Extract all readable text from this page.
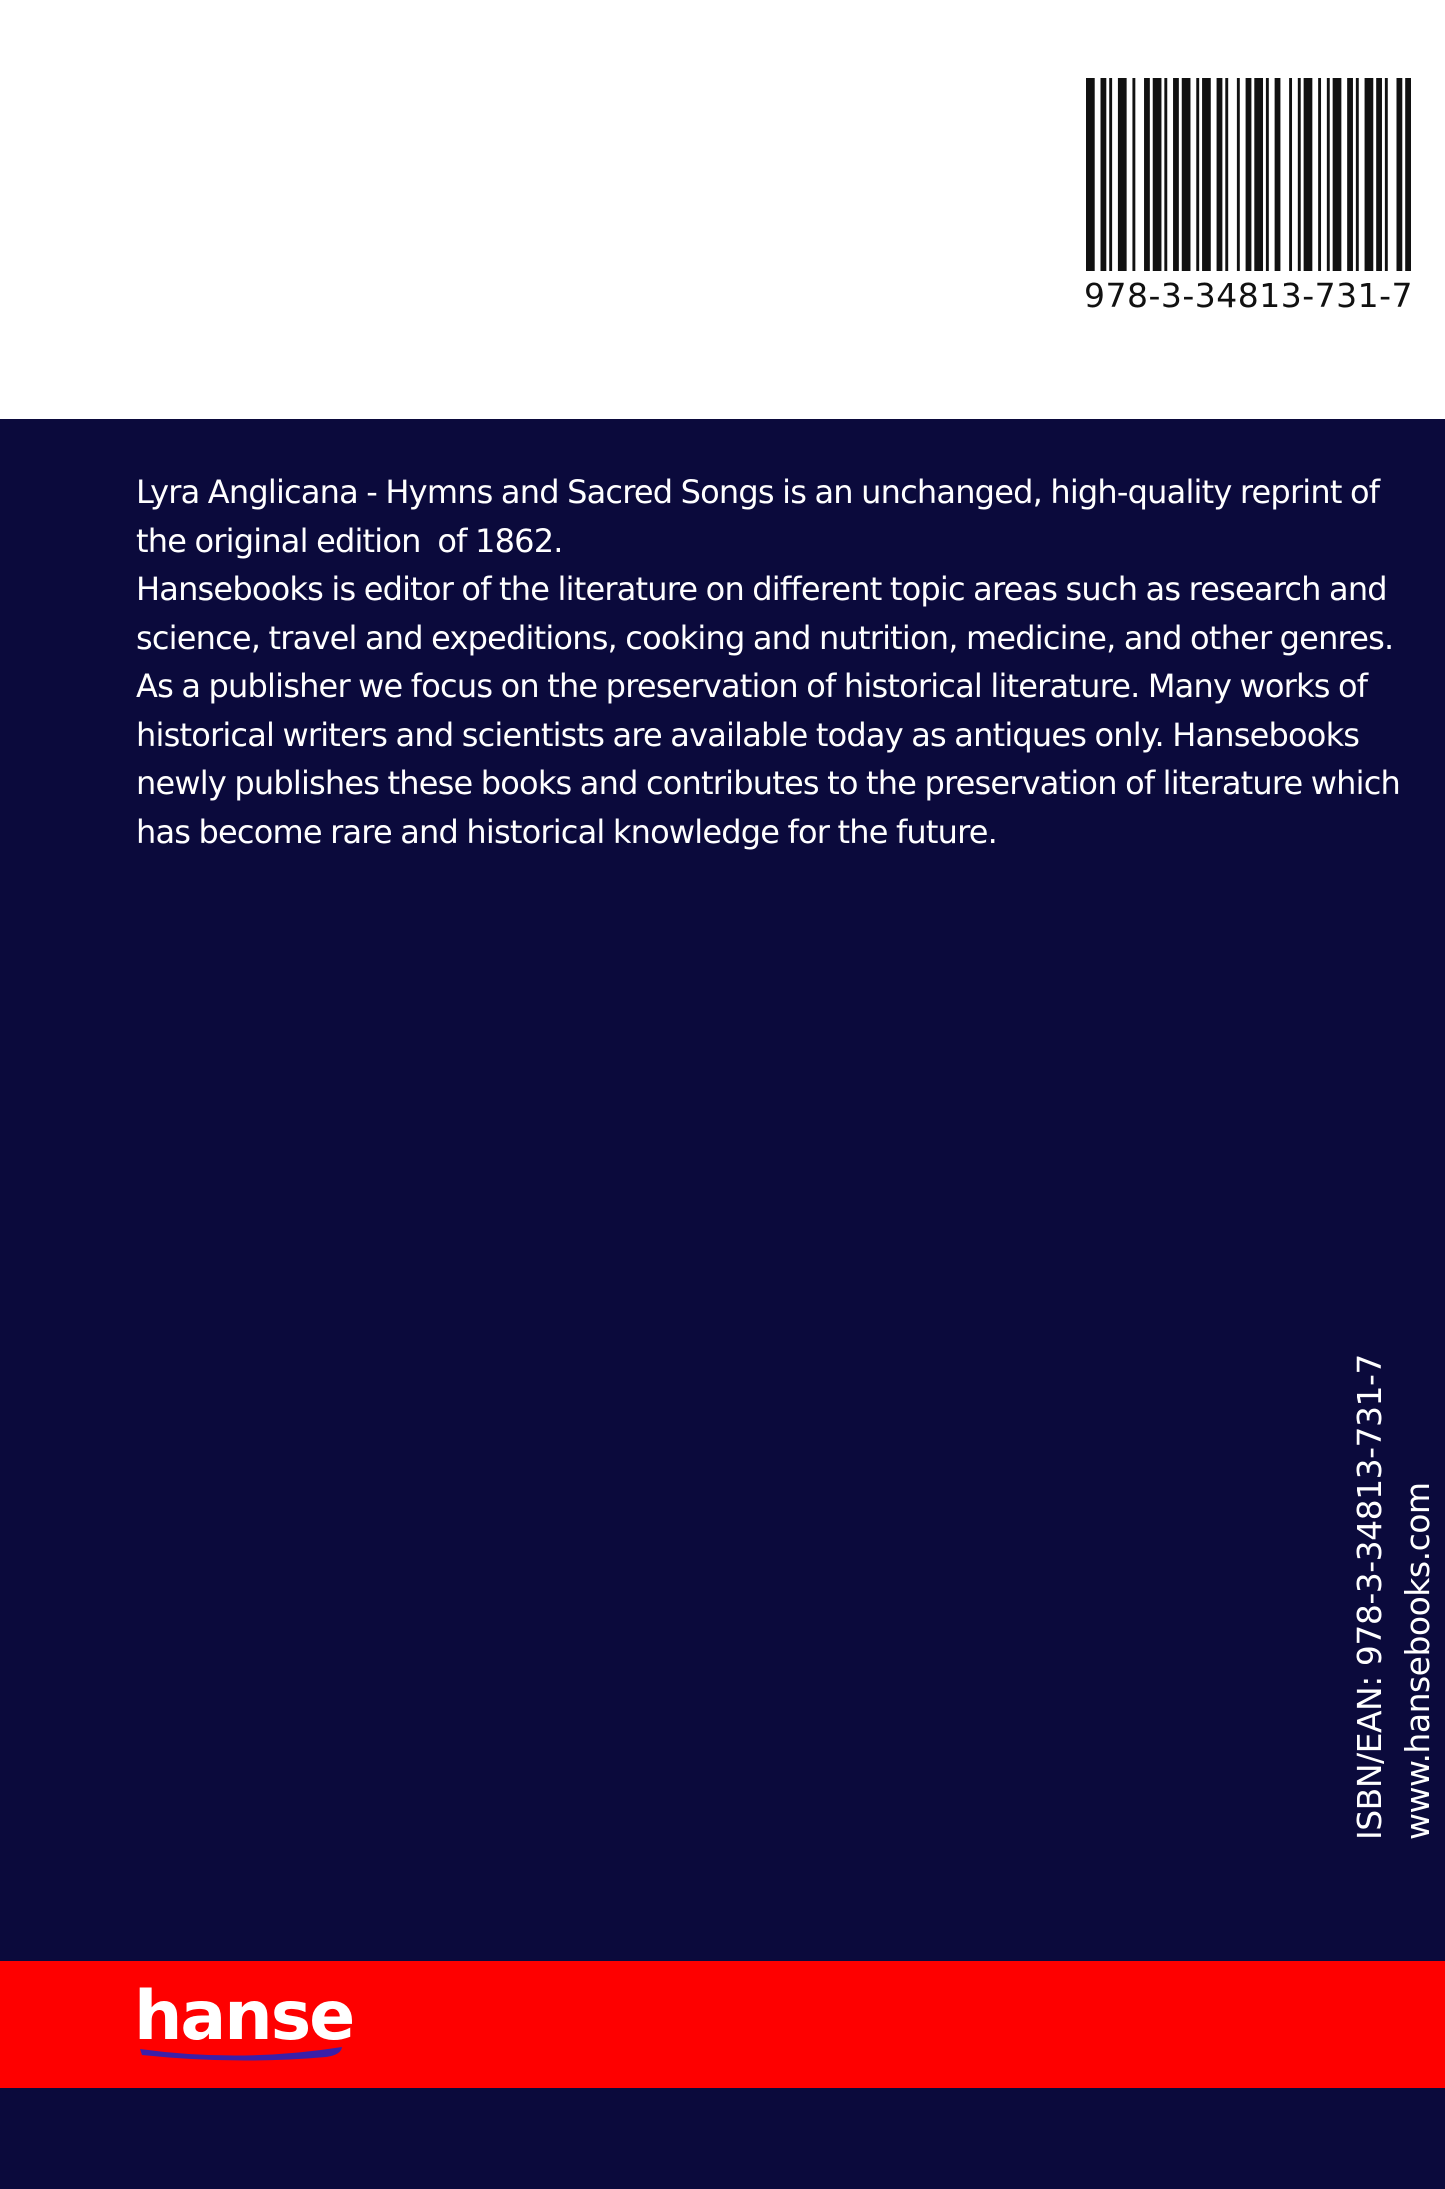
978-3-34813-731-7

Lyra Anglicana - Hymns and Sacred Songs is an unchanged, high-quality reprint of the original edition  of 1862.

Hansebooks is editor of the literature on different topic areas such as research and science, travel and expeditions, cooking and nutrition, medicine, and other genres. As a publisher we focus on the preservation of historical literature. Many works of historical writers and scientists are available today as antiques only. Hansebooks newly publishes these books and contributes to the preservation of literature which has become rare and historical knowledge for the future.

ISBN/EAN: 978-3-34813-731-7 www.hansebooks.com
hanse
